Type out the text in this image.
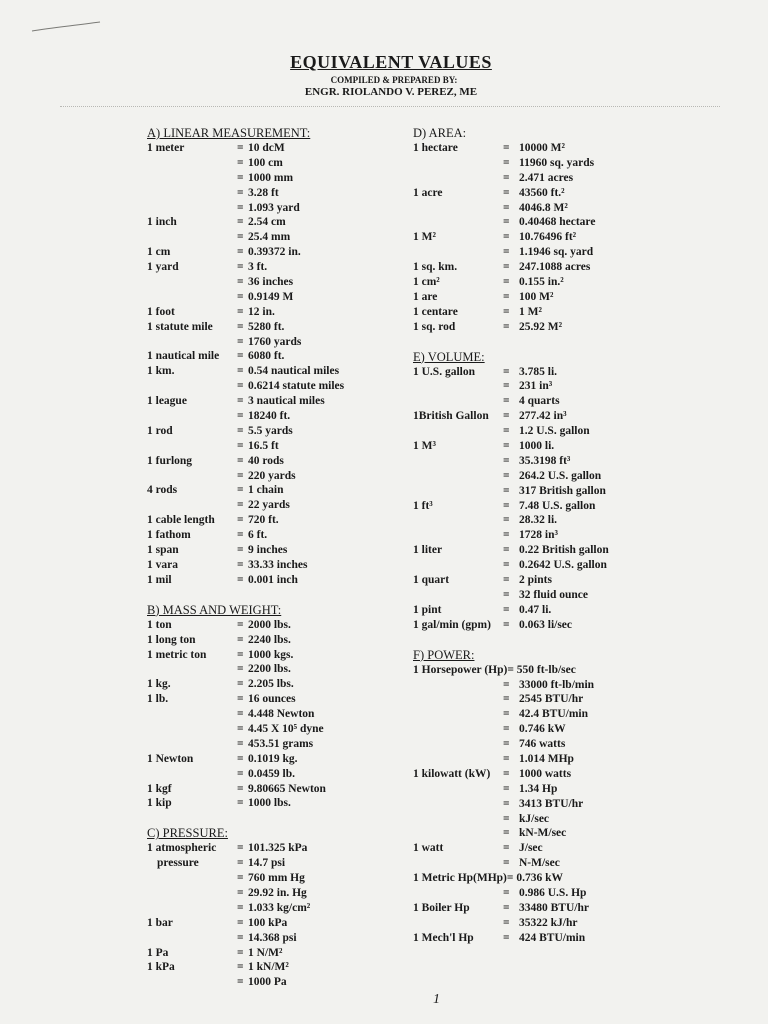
EQUIVALENT VALUES
COMPILED & PREPARED BY:
ENGR. RIOLANDO V. PEREZ, ME
A) LINEAR MEASUREMENT:
1 meter	= 10 dcM
= 100 cm
= 1000 mm
= 3.28 ft
= 1.093 yard
1 inch	= 2.54 cm
= 25.4 mm
1 cm	= 0.39372 in.
1 yard	= 3 ft.
= 36 inches
= 0.9149 M
1 foot	= 12 in.
1 statute mile = 5280 ft.
= 1760 yards
1 nautical mile = 6080 ft.
1 km.	= 0.54 nautical miles
= 0.6214 statute miles
1 league	= 3 nautical miles
= 18240 ft.
1 rod	= 5.5 yards
= 16.5 ft
1 furlong	= 40 rods
= 220 yards
4 rods	= 1 chain
= 22 yards
1 cable length = 720 ft.
1 fathom	= 6 ft.
1 span	= 9 inches
1 vara	= 33.33 inches
1 mil	= 0.001 inch
B) MASS AND WEIGHT:
1 ton	= 2000 lbs.
1 long ton	= 2240 lbs.
1 metric ton	= 1000 kgs.
= 2200 lbs.
1 kg.	= 2.205 lbs.
1 lb.	= 16 ounces
= 4.448 Newton
= 4.45 X 10⁵ dyne
= 453.51 grams
1 Newton	= 0.1019 kg.
= 0.0459 lb.
1 kgf	= 9.80665 Newton
1 kip	= 1000 lbs.
C) PRESSURE:
1 atmospheric = 101.325 kPa
pressure	= 14.7 psi
= 760 mm Hg
= 29.92 in. Hg
= 1.033 kg/cm²
1 bar	= 100 kPa
= 14.368 psi
1 Pa	= 1 N/M²
1 kPa	= 1 kN/M²
= 1000 Pa
D) AREA:
1 hectare	= 10000 M²
= 11960 sq. yards
= 2.471 acres
1 acre	= 43560 ft.²
= 4046.8 M²
= 0.40468 hectare
1 M²	= 10.76496 ft²
= 1.1946 sq. yard
1 sq. km.	= 247.1088 acres
1 cm²	= 0.155 in.²
1 are	= 100 M²
1 centare	= 1 M²
1 sq. rod	= 25.92 M²
E) VOLUME:
1 U.S. gallon = 3.785 li.
= 231 in³
= 4 quarts
1British Gallon = 277.42 in³
= 1.2 U.S. gallon
1 M³	= 1000 li.
= 35.3198 ft³
= 264.2 U.S. gallon
= 317 British gallon
1 ft³	= 7.48 U.S. gallon
= 28.32 li.
= 1728 in³
1 liter	= 0.22 British gallon
= 0.2642 U.S. gallon
1 quart	= 2 pints
= 32 fluid ounce
1 pint	= 0.47 li.
1 gal/min (gpm) = 0.063 li/sec
F) POWER:
1 Horsepower (Hp)= 550 ft-lb/sec
= 33000 ft-lb/min
= 2545 BTU/hr
= 42.4 BTU/min
= 0.746 kW
= 746 watts
= 1.014 MHp
1 kilowatt (kW) = 1000 watts
= 1.34 Hp
= 3413 BTU/hr
= kJ/sec
= kN-M/sec
1 watt	= J/sec
= N-M/sec
1 Metric Hp(MHp)= 0.736 kW
= 0.986 U.S. Hp
1 Boiler Hp	= 33480 BTU/hr
= 35322 kJ/hr
1 Mech'l Hp	= 424 BTU/min
1
